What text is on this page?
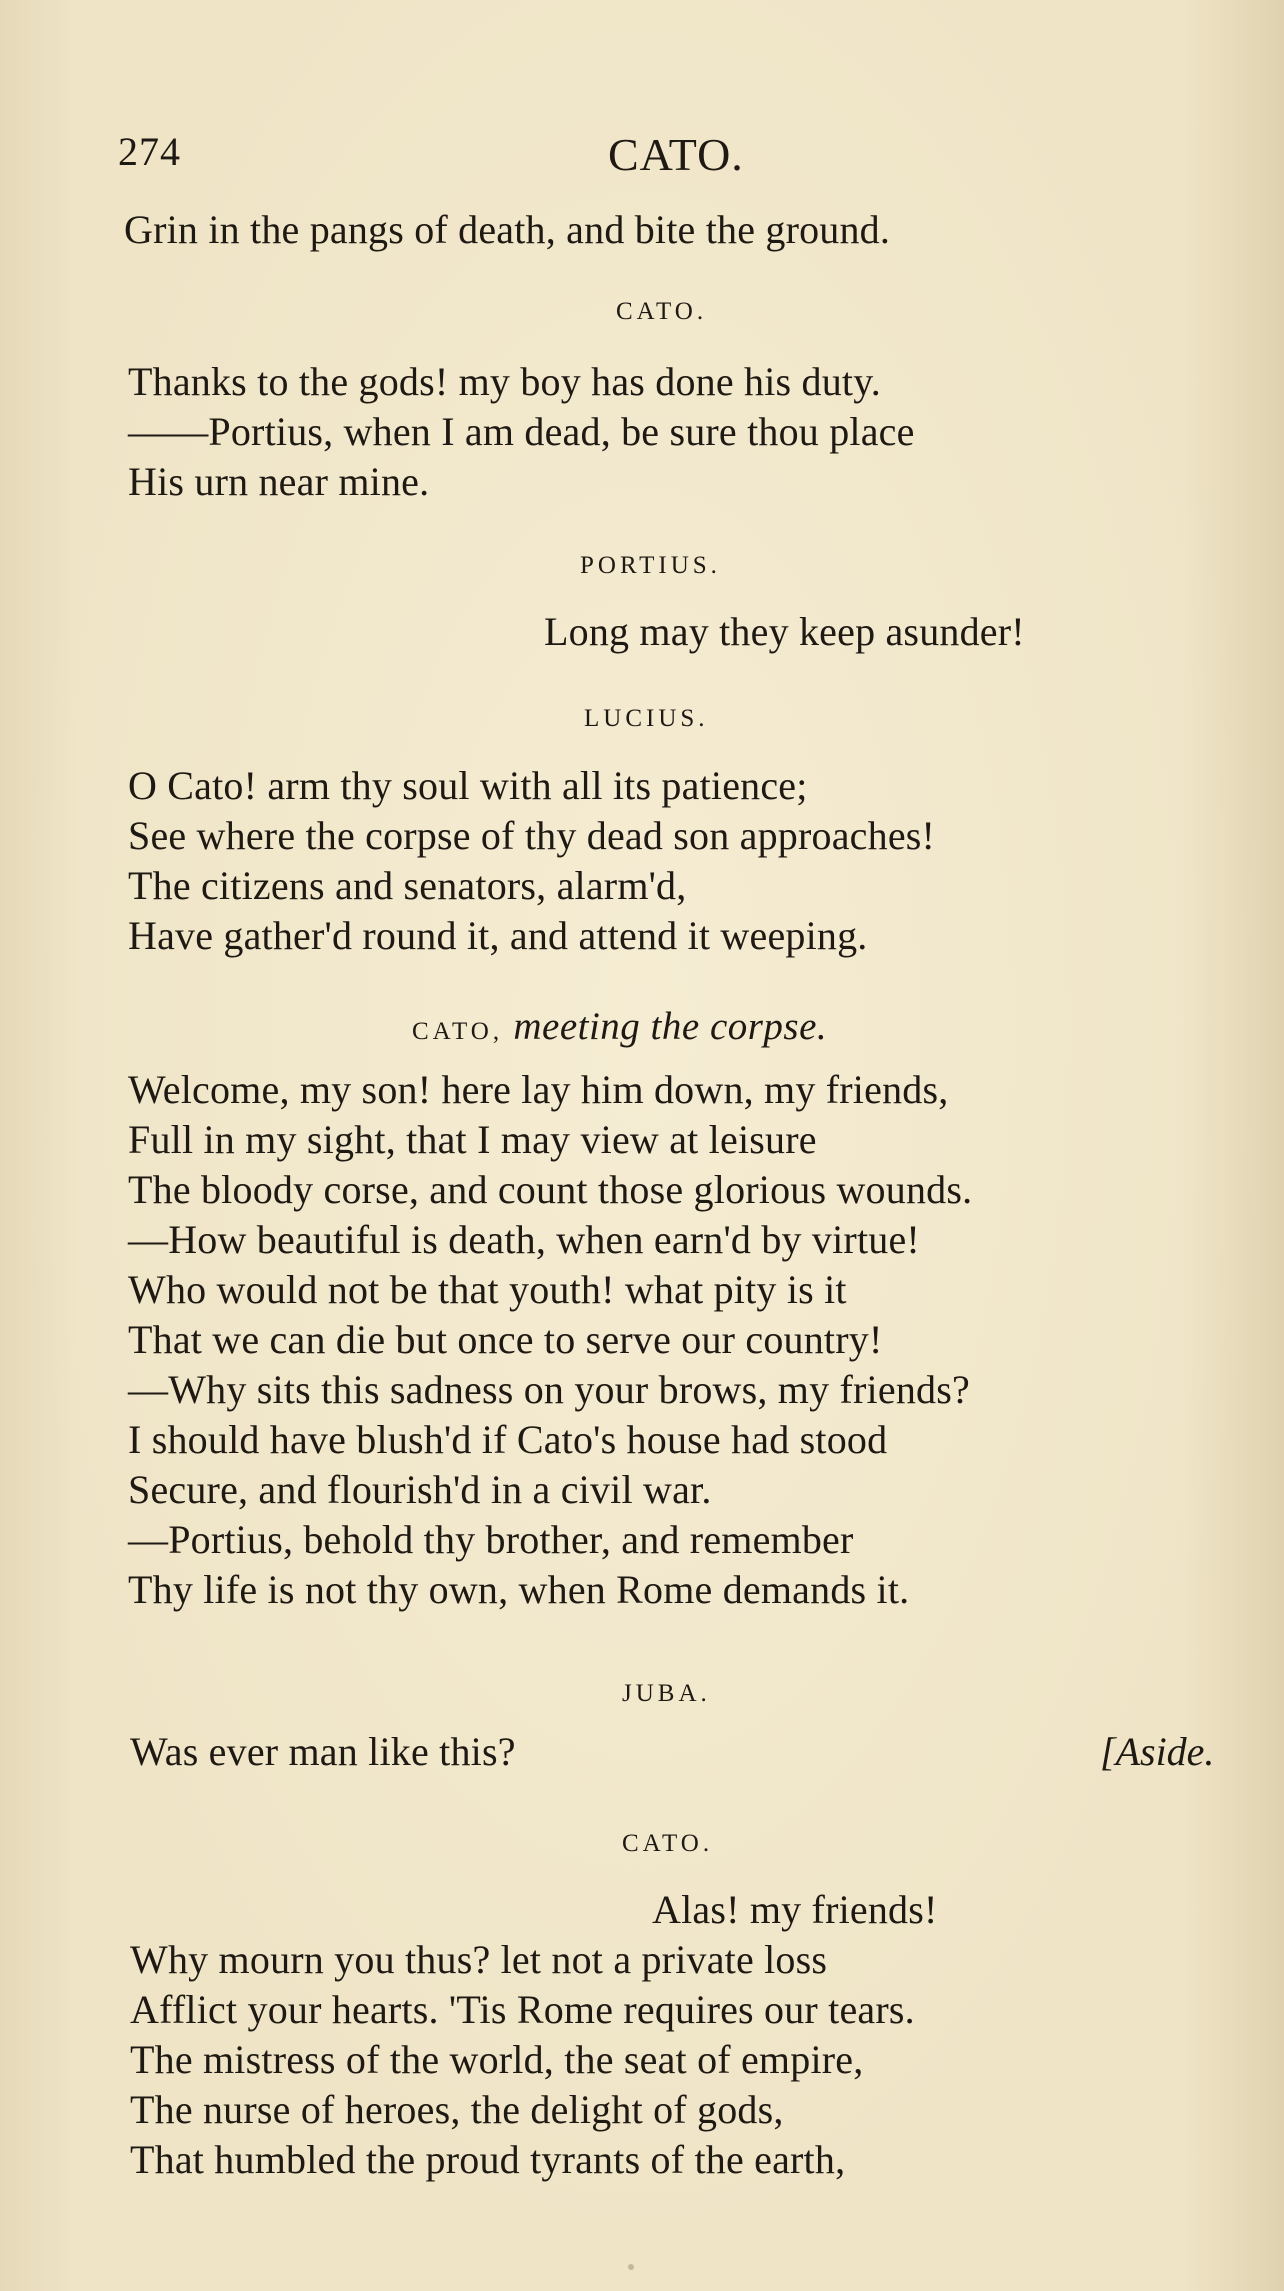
274	CATO.
Grin in the pangs of death, and bite the ground.
CATO.
Thanks to the gods! my boy has done his duty.
——Portius, when I am dead, be sure thou place
His urn near mine.
PORTIUS.
Long may they keep asunder!
LUCIUS.
O Cato! arm thy soul with all its patience;
See where the corpse of thy dead son approaches!
The citizens and senators, alarm'd,
Have gather'd round it, and attend it weeping.
CATO, meeting the corpse.
Welcome, my son! here lay him down, my friends,
Full in my sight, that I may view at leisure
The bloody corse, and count those glorious wounds.
—How beautiful is death, when earn'd by virtue!
Who would not be that youth! what pity is it
That we can die but once to serve our country!
—Why sits this sadness on your brows, my friends?
I should have blush'd if Cato's house had stood
Secure, and flourish'd in a civil war.
—Portius, behold thy brother, and remember
Thy life is not thy own, when Rome demands it.
JUBA.
Was ever man like this?	[Aside.
CATO.
Alas! my friends!
Why mourn you thus? let not a private loss
Afflict your hearts. 'Tis Rome requires our tears.
The mistress of the world, the seat of empire,
The nurse of heroes, the delight of gods,
That humbled the proud tyrants of the earth,
